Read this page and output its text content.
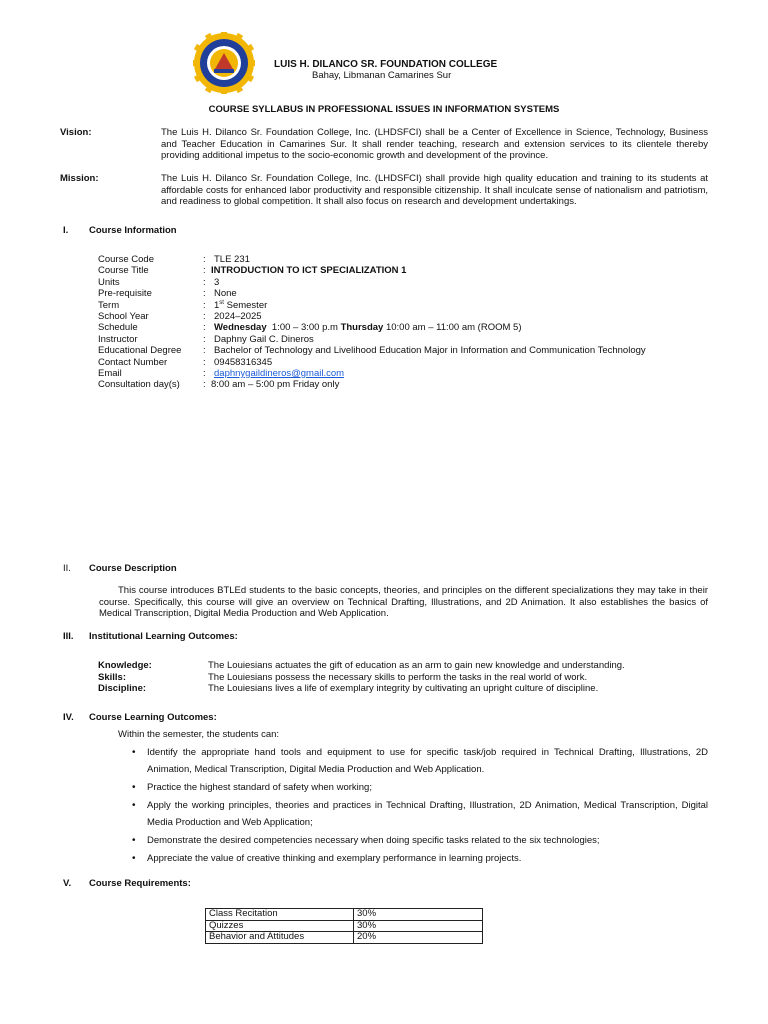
LUIS H. DILANCO SR. FOUNDATION COLLEGE
Bahay, Libmanan Camarines Sur
COURSE SYLLABUS IN PROFESSIONAL ISSUES IN INFORMATION SYSTEMS
Vision:	The Luis H. Dilanco Sr. Foundation College, Inc. (LHDSFCI) shall be a Center of Excellence in Science, Technology, Business and Teacher Education in Camarines Sur. It shall render teaching, research and extension services to its clientele thereby providing additional impetus to the socio-economic growth and development of the province.
Mission:	The Luis H. Dilanco Sr. Foundation College, Inc. (LHDSFCI) shall provide high quality education and training to its students at affordable costs for enhanced labor productivity and responsible citizenship. It shall inculcate sense of nationalism and patriotism, and readiness to global competition. It shall also focus on research and development undertakings.
I. Course Information
Course Code	: TLE 231
Course Title	: INTRODUCTION TO ICT SPECIALIZATION 1
Units	: 3
Pre-requisite	: None
Term	: 1st Semester
School Year	: 2024–2025
Schedule	: Wednesday  1:00 – 3:00 p.m Thursday 10:00 am – 11:00 am (ROOM 5)
Instructor	: Daphny Gail C. Dineros
Educational Degree : Bachelor of Technology and Livelihood Education Major in Information and Communication Technology
Contact Number	: 09458316345
Email	: daphnygaildineros@gmail.com
Consultation day(s) : 8:00 am – 5:00 pm Friday only
II. Course Description
This course introduces BTLEd students to the basic concepts, theories, and principles on the different specializations they may take in their course. Specifically, this course will give an overview on Technical Drafting, Illustrations, and 2D Animation. It also establishes the basics of Medical Transcription, Digital Media Production and Web Application.
III. Institutional Learning Outcomes:
Knowledge:	The Louiesians actuates the gift of education as an arm to gain new knowledge and understanding.
Skills:	The Louiesians possess the necessary skills to perform the tasks in the real world of work.
Discipline:	The Louiesians lives a life of exemplary integrity by cultivating an upright culture of discipline.
IV. Course Learning Outcomes:
Within the semester, the students can:
• Identify the appropriate hand tools and equipment to use for specific task/job required in Technical Drafting, Illustrations, 2D Animation, Medical Transcription, Digital Media Production and Web Application.
• Practice the highest standard of safety when working;
• Apply the working principles, theories and practices in Technical Drafting, Illustration, 2D Animation, Medical Transcription, Digital Media Production and Web Application;
• Demonstrate the desired competencies necessary when doing specific tasks related to the six technologies;
• Appreciate the value of creative thinking and exemplary performance in learning projects.
V. Course Requirements:
Class Recitation	30%
Quizzes	30%
Behavior and Attitudes	20%
